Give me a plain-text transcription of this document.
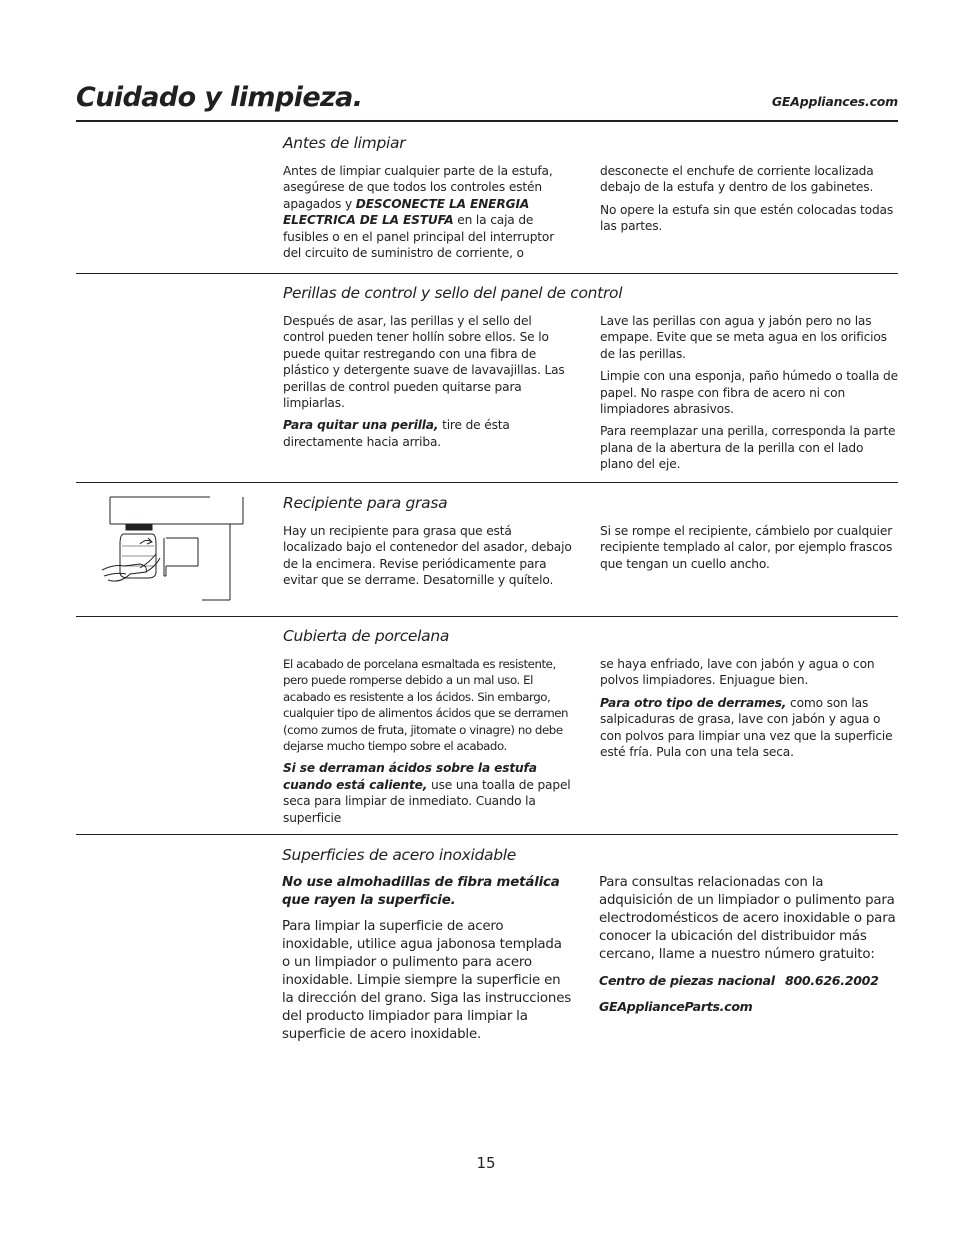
Cuidado y limpieza.	GEAppliances.com
Antes de limpiar

Antes de limpiar cualquier parte de la estufa, asegúrese de que todos los controles estén apagados y DESCONECTE LA ENERGIA ELECTRICA DE LA ESTUFA en la caja de fusibles o en el panel principal del interruptor del circuito de suministro de corriente, o

desconecte el enchufe de corriente localizada debajo de la estufa y dentro de los gabinetes.

No opere la estufa sin que estén colocadas todas las partes.

Perillas de control y sello del panel de control

Después de asar, las perillas y el sello del control pueden tener hollín sobre ellos. Se lo puede quitar restregando con una fibra de plástico y detergente suave de lavavajillas. Las perillas de control pueden quitarse para limpiarlas.

Para quitar una perilla, tire de ésta directamente hacia arriba.

Lave las perillas con agua y jabón pero no las empape. Evite que se meta agua en los orificios de las perillas.

Limpie con una esponja, paño húmedo o toalla de papel. No raspe con fibra de acero ni con limpiadores abrasivos.

Para reemplazar una perilla, corresponda la parte plana de la abertura de la perilla con el lado plano del eje.

Recipiente para grasa

Hay un recipiente para grasa que está localizado bajo el contenedor del asador, debajo de la encimera. Revise periódicamente para evitar que se derrame. Desatornille y quítelo.

Si se rompe el recipiente, cámbielo por cualquier recipiente templado al calor, por ejemplo frascos que tengan un cuello ancho.

Cubierta de porcelana

El acabado de porcelana esmaltada es resistente, pero puede romperse debido a un mal uso. El acabado es resistente a los ácidos. Sin embargo, cualquier tipo de alimentos ácidos que se derramen (como zumos de fruta, jitomate o vinagre) no debe dejarse mucho tiempo sobre el acabado.

Si se derraman ácidos sobre la estufa cuando está caliente, use una toalla de papel seca para limpiar de inmediato. Cuando la superficie

se haya enfriado, lave con jabón y agua o con polvos limpiadores. Enjuague bien.

Para otro tipo de derrames, como son las salpicaduras de grasa, lave con jabón y agua o con polvos para limpiar una vez que la superficie esté fría. Pula con una tela seca.

Superficies de acero inoxidable

No use almohadillas de fibra metálica que rayen la superficie.

Para limpiar la superficie de acero inoxidable, utilice agua jabonosa templada o un limpiador o pulimento para acero inoxidable. Limpie siempre la superficie en la dirección del grano. Siga las instrucciones del producto limpiador para limpiar la superficie de acero inoxidable.

Para consultas relacionadas con la adquisición de un limpiador o pulimento para electrodomésticos de acero inoxidable o para conocer la ubicación del distribuidor más cercano, llame a nuestro número gratuito:

Centro de piezas nacional 800.626.2002
GEApplianceParts.com
15
